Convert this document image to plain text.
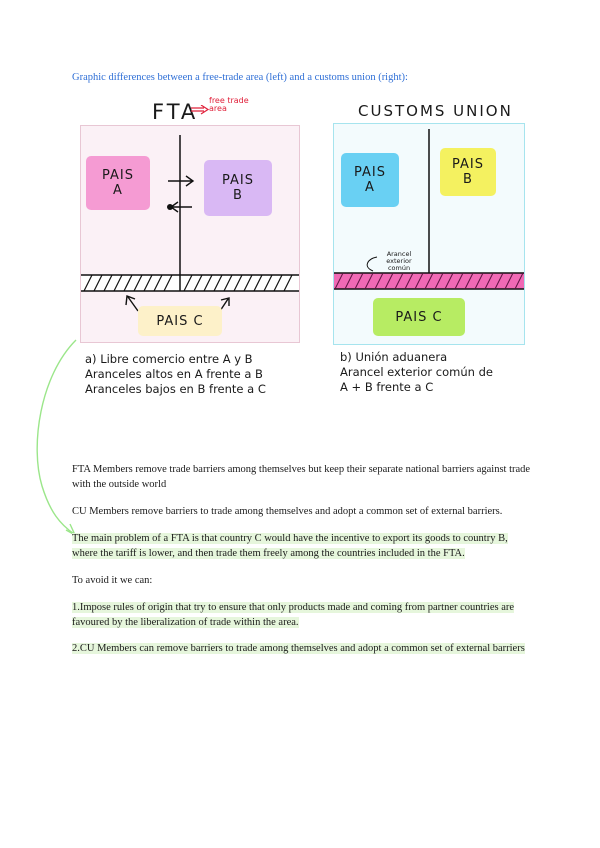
Graphic differences between a free-trade area (left) and a customs union (right):
FTA free trade area	CUSTOMS UNION
PAIS
A
PAIS
B
PAIS C
Arancel exterior común
PAIS
A
PAIS
B
PAIS C
a) Libre comercio entre A y B
Aranceles altos en A frente a B
Aranceles bajos en B frente a C
b) Unión aduanera
Arancel exterior común de
A + B frente a C
FTA Members remove trade barriers among themselves but keep their separate national barriers against trade with the outside world
CU Members remove barriers to trade among themselves and adopt a common set of external barriers.
The main problem of a FTA is that country C would have the incentive to export its goods to country B, where the tariff is lower, and then trade them freely among the countries included in the FTA.
To avoid it we can:
1.Impose rules of origin that try to ensure that only products made and coming from partner countries are favoured by the liberalization of trade within the area.
2.CU Members can remove barriers to trade among themselves and adopt a common set of external barriers
